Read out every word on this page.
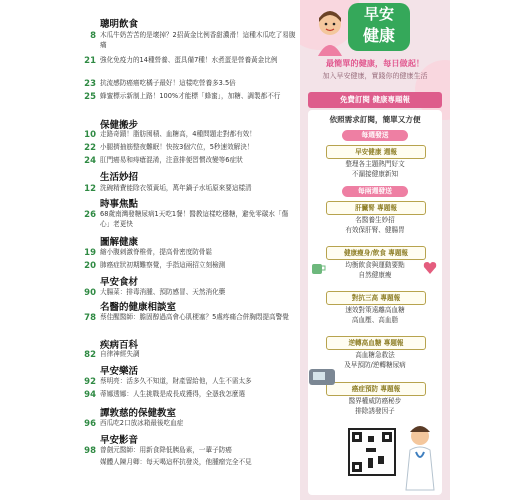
聰明飲食
8 木瓜牛奶苦苦的是壞掉？2招黃金比例香甜濃滑！這種木瓜吃了易腹痛
21 強化免疫力的14種營養、蛋具備7種！水煮蛋是營養黃金比例
23 抗流感防癌癌吃橘子最好！這樣吃營養多3.5倍
25 蜂蜜標示新制上路！100%才能標「蜂蜜」，加糖、調製都不行
保健搬步
10 走路奇蹟！脂肪囤積、血糖高，4種問題走對都有效！
22 小腿擠抽筋整夜難眠！快按3個穴位，5秒速效解決！
24 肛門癌易和痔瘡混淆，注意排便習慣改變等6症狀
生活妙招
12 洗碗精費能除衣領黃垢，萬年鍋子水垢原來要這樣清
時事焦點
26 68歲南灣發糖尿病1天吃1餐！醫教這樣吃穩糖，避免零碳水「傷心」老更快
圖解健康
19 縮小腹刺激脊椎骨，提高骨密度防骨鬆
20 肺癌症狀初期難察覺，手指這兩招立刻檢測
早安食材
90 大腸菜：排毒消腫、預防感冒、天然消化藥
名醫的健康相談室
78 蔡佳醒醫師：膽固醇過高會心肌梗塞？5處疼痛合併胸悶提高警覺
疾病百科
82 自律神經失調
早安樂活
92 蔡明亮：活多久不知道，財產留給他，人生不需太多
94 蒂娜透娜：人生挑戰是成長成獲得，全憑我怎麼選
譚敦慈的保健教室
96 西瓜吃2口放冰箱最後吃血症
早安影音
98 曾劍元醫師：用新食降低胰島素，一輩子防癌
媒體人陳月卿：每天喝這杯抗發炎，他腫瘤完全不見
早安
健康
最簡單的健康，每日做起！
加入早安健康，實踐你的健康生活
免費訂閱 健康專題報
依照需求訂閱，簡單又方便
每週發送
早安健康 週報
整理各主題熱門好文
不漏接健康新知
每兩週發送
肝臟腎 專題報
名醫養生妙招
有效保肝腎、健腸胃
健康瘦身/飲食 專題報
均衡飲食與運動要點
自然健康瘦
對抗三高 專題報
速效對策遠離高血糖
高血壓、高血脂
逆轉高血糖 專題報
高血糖急救法
及早預防/逆轉糖尿病
癌症預防 專題報
醫界權威防癌秘步
排除誘發因子
